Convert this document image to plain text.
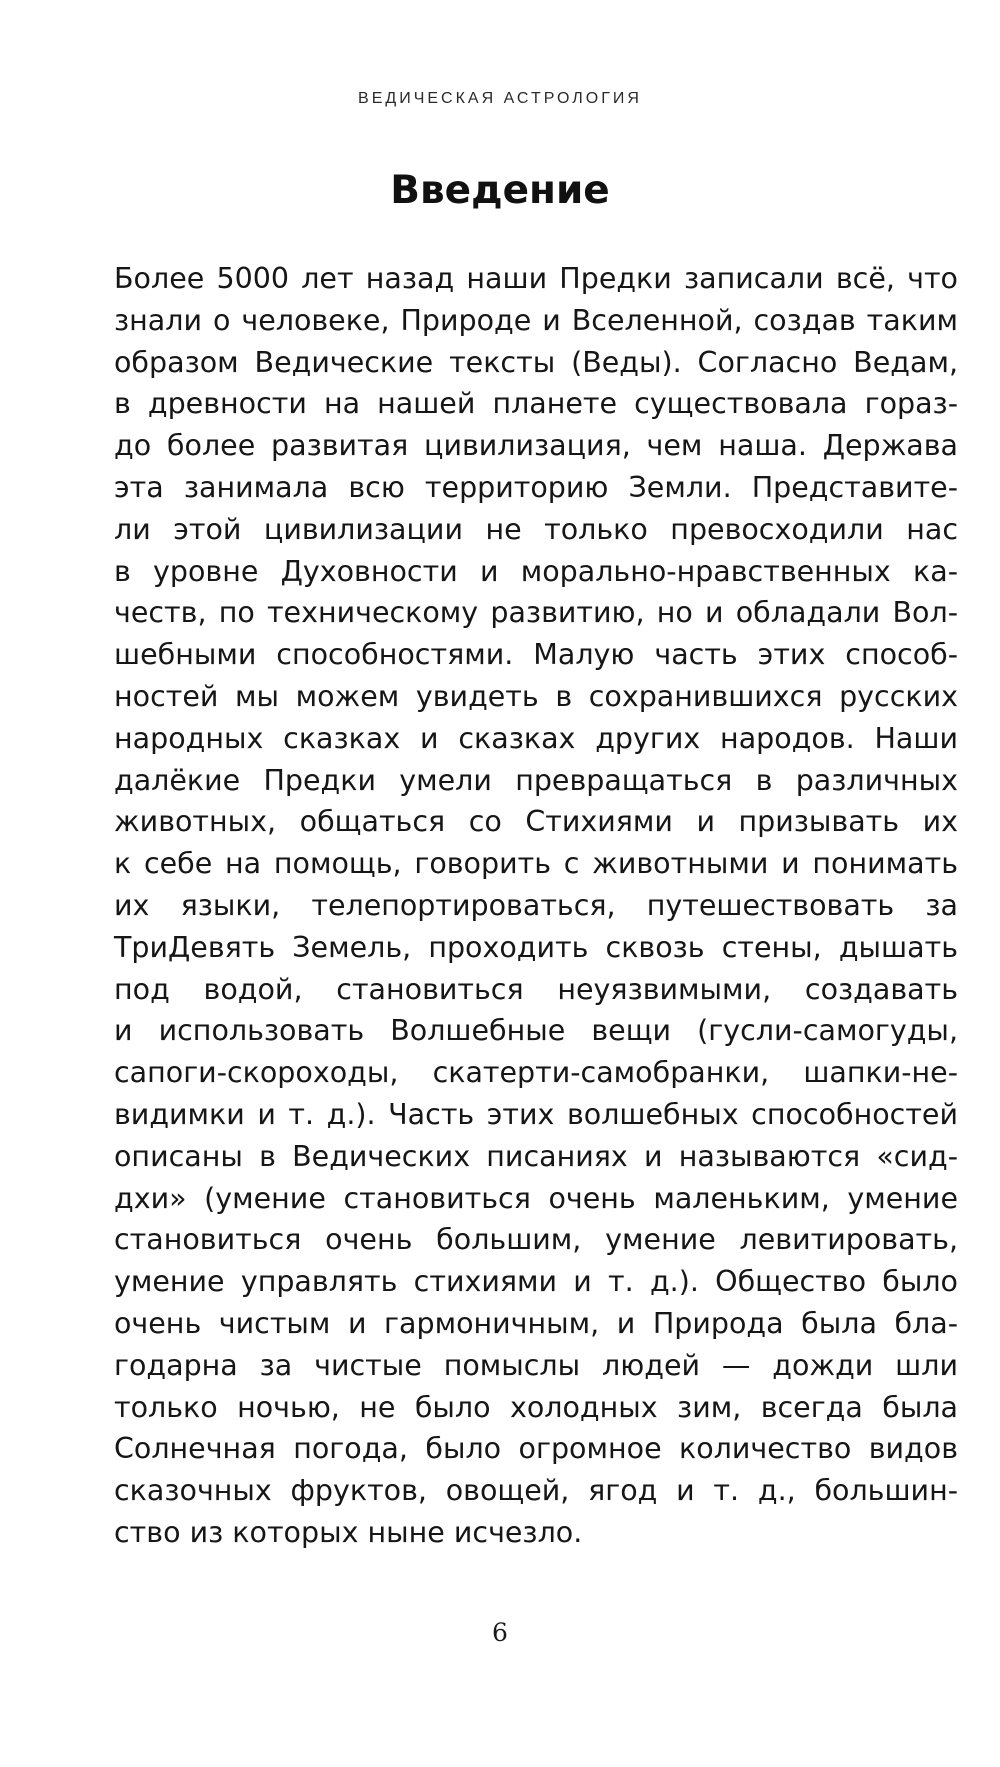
ВЕДИЧЕСКАЯ АСТРОЛОГИЯ
Введение
Более 5000 лет назад наши Предки записали всё, что
знали о человеке, Природе и Вселенной, создав таким
образом Ведические тексты (Веды). Согласно Ведам,
в древности на нашей планете существовала гораз-
до более развитая цивилизация, чем наша. Держава
эта занимала всю территорию Земли. Представите-
ли этой цивилизации не только превосходили нас
в уровне Духовности и морально-нравственных ка-
честв, по техническому развитию, но и обладали Вол-
шебными способностями. Малую часть этих способ-
ностей мы можем увидеть в сохранившихся русских
народных сказках и сказках других народов. Наши
далёкие Предки умели превращаться в различных
животных, общаться со Стихиями и призывать их
к себе на помощь, говорить с животными и понимать
их языки, телепортироваться, путешествовать за
ТриДевять Земель, проходить сквозь стены, дышать
под водой, становиться неуязвимыми, создавать
и использовать Волшебные вещи (гусли-самогуды,
сапоги-скороходы, скатерти-самобранки, шапки-не-
видимки и т. д.). Часть этих волшебных способностей
описаны в Ведических писаниях и называются «сид-
дхи» (умение становиться очень маленьким, умение
становиться очень большим, умение левитировать,
умение управлять стихиями и т. д.). Общество было
очень чистым и гармоничным, и Природа была бла-
годарна за чистые помыслы людей — дожди шли
только ночью, не было холодных зим, всегда была
Солнечная погода, было огромное количество видов
сказочных фруктов, овощей, ягод и т. д., большин-
ство из которых ныне исчезло.
6
